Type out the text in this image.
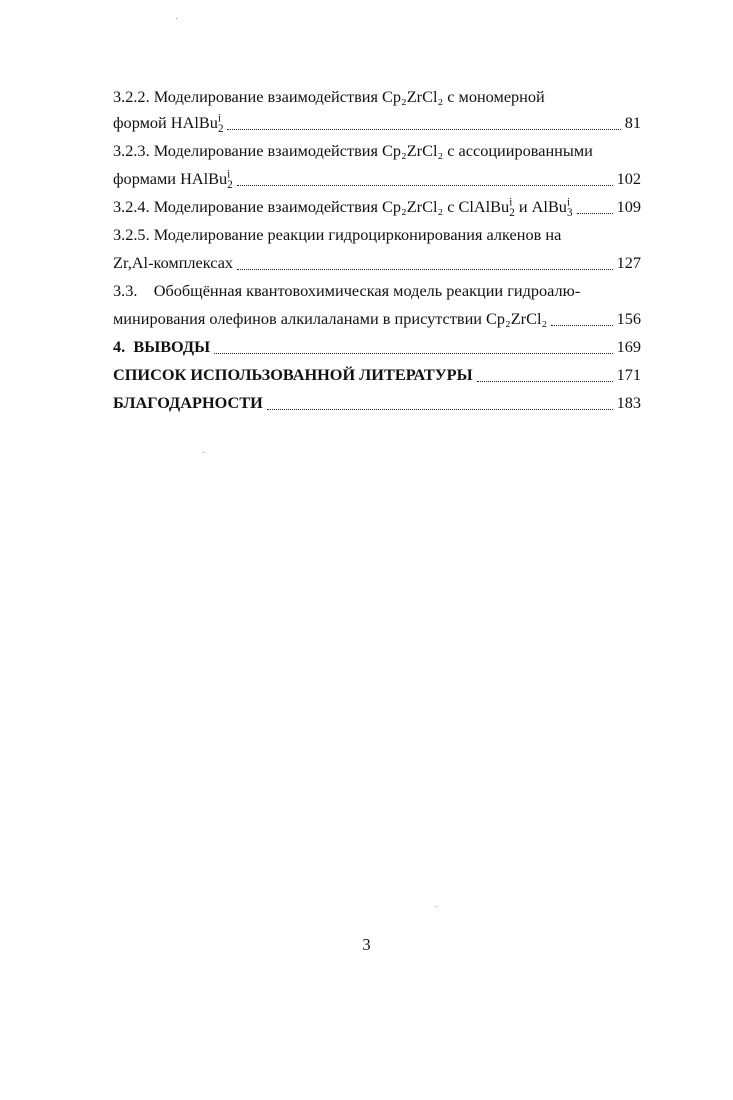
3.2.2. Моделирование взаимодействия Cp₂ZrCl₂ с мономерной
формой HAlBu$^i_2$	81
3.2.3. Моделирование взаимодействия Cp₂ZrCl₂ с ассоциированными
формами HAlBu$^i_2$	102
3.2.4. Моделирование взаимодействия Cp₂ZrCl₂ с ClAlBu$^i_2$ и AlBu$^i_3$	109
3.2.5. Моделирование реакции гидроцирконирования алкенов на
Zr,Al-комплексах	127
3.3.    Обобщённая квантовохимическая модель реакции гидроалю-
минирования олефинов алкилаланами в присутствии Cp₂ZrCl₂	156
4.  ВЫВОДЫ	169
СПИСОК ИСПОЛЬЗОВАННОЙ ЛИТЕРАТУРЫ	171
БЛАГОДАРНОСТИ	183
3
